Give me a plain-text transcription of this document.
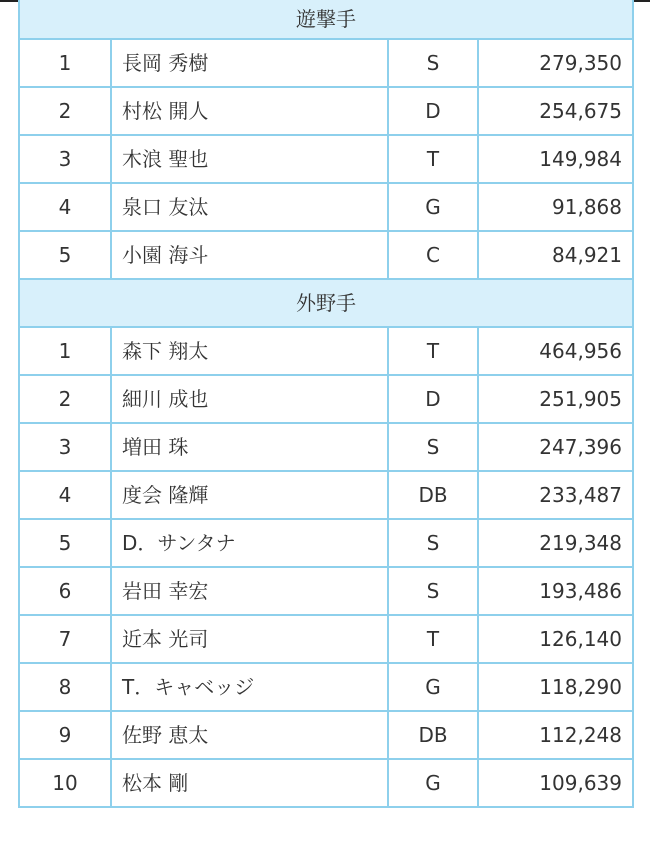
遊撃手			
1	長岡 秀樹	S	279,350
2	村松 開人	D	254,675
3	木浪 聖也	T	149,984
4	泉口 友汰	G	91,868
5	小園 海斗	C	84,921
外野手			
1	森下 翔太	T	464,956
2	細川 成也	D	251,905
3	増田 珠	S	247,396
4	度会 隆輝	DB	233,487
5	D．サンタナ	S	219,348
6	岩田 幸宏	S	193,486
7	近本 光司	T	126,140
8	T．キャベッジ	G	118,290
9	佐野 恵太	DB	112,248
10	松本 剛	G	109,639
